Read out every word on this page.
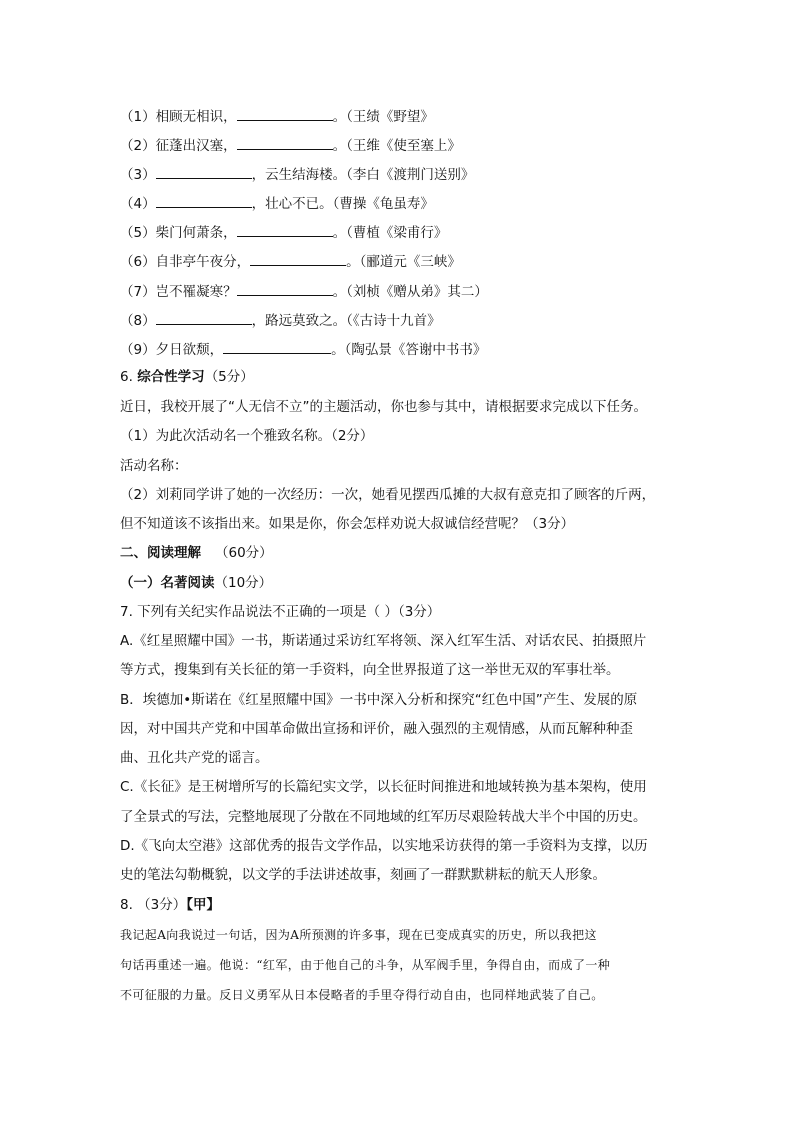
（1）相顾无相识，	。（王绩《野望》
（2）征蓬出汉塞，	。（王维《使至塞上》
（3）	，云生结海楼。（李白《渡荆门送别》
（4）	，壮心不已。（曹操《龟虽寿》
（5）柴门何萧条，	。（曹植《梁甫行》
（6）自非亭午夜分，	。（郦道元《三峡》
（7）岂不罹凝寒？	。（刘桢《赠从弟》其二）
（8）	，路远莫致之。（《古诗十九首》
（9）夕日欲颓，	。（陶弘景《答谢中书书》
6. 综合性学习（5分）
近日，我校开展了“人无信不立”的主题活动，你也参与其中，请根据要求完成以下任务。
（1）为此次活动名一个雅致名称。（2分）
活动名称：
（2）刘莉同学讲了她的一次经历：一次，她看见摆西瓜摊的大叔有意克扣了顾客的斤两，
但不知道该不该指出来。如果是你，你会怎样劝说大叔诚信经营呢？（3分）
二、阅读理解 （60分）
（一）名著阅读（10分）
7. 下列有关纪实作品说法不正确的一项是（ ）（3分）
A.《红星照耀中国》一书，斯诺通过采访红军将领、深入红军生活、对话农民、拍摄照片
等方式，搜集到有关长征的第一手资料，向全世界报道了这一举世无双的军事壮举。
B．埃德加•斯诺在《红星照耀中国》一书中深入分析和探究“红色中国”产生、发展的原
因，对中国共产党和中国革命做出宣扬和评价，融入强烈的主观情感，从而瓦解种种歪
曲、丑化共产党的谣言。
C.《长征》是王树增所写的长篇纪实文学，以长征时间推进和地域转换为基本架构，使用
了全景式的写法，完整地展现了分散在不同地域的红军历尽艰险转战大半个中国的历史。
D.《飞向太空港》这部优秀的报告文学作品，以实地采访获得的第一手资料为支撑，以历
史的笔法勾勒概貌，以文学的手法讲述故事，刻画了一群默默耕耘的航天人形象。
8. （3分）【甲】
我记起A向我说过一句话，因为A所预测的许多事，现在已变成真实的历史，所以我把这
句话再重述一遍。他说：“红军，由于他自己的斗争，从军阀手里，争得自由，而成了一种
不可征服的力量。反日义勇军从日本侵略者的手里夺得行动自由，也同样地武装了自己。
